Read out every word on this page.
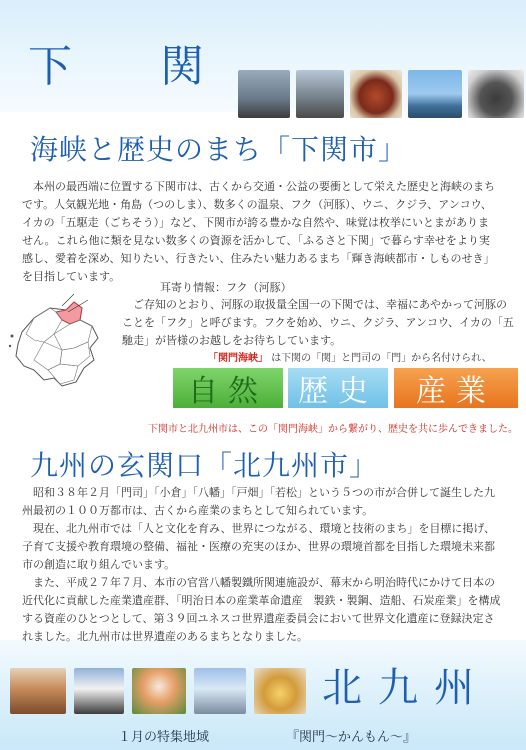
下　関
海峡と歴史のまち「下関市」

本州の最西端に位置する下関市は、古くから交通・公益の要衝として栄えた歴史と海峡のまち

です。人気観光地・角島（つのしま）、数多くの温泉、フク（河豚）、ウニ、クジラ、アンコウ、
イカの「五駆走（ごちそう）」など、下関市が誇る豊かな自然や、味覚は枚挙にいとまがありま
せん。これら他に類を見ない数多くの資源を活かして、「ふるさと下関」で暮らす幸せをより実
感し、愛着を深め、知りたい、行きたい、住みたい魅力あるまち「輝き海峡都市・しものせき」
を目指しています。
耳寄り情報：フク（河豚）
ご存知のとおり、河豚の取扱量全国一の下関では、幸福にあやかって河豚の
ことを「フク」と呼びます。フクを始め、ウニ、クジラ、アンコウ、イカの「五
馳走」が皆様のお越しをお待ちしています。
「関門海峡」 は下関の「関」と門司の「門」から名付けられ、
自然	歴史	産業
下関市と北九州市は、この「関門海峡」から繋がり、歴史を共に歩んできました。
九州の玄関口「北九州市」

昭和３８年２月「門司」「小倉」「八幡」「戸畑」「若松」という５つの市が合併して誕生した九

州最初の１００万都市は、古くから産業のまちとして知られています。

現在、北九州市では「人と文化を育み、世界につながる、環境と技術のまち」を目標に掲げ、

子育て支援や教育環境の整備、福祉・医療の充実のほか、世界の環境首都を目指した環境未来都
市の創造に取り組んでいます。

また、平成２７年７月、本市の官営八幡製鐵所関連施設が、幕末から明治時代にかけて日本の

近代化に貢献した産業遺産群、「明治日本の産業革命遺産　製鉄・製鋼、造船、石炭産業」を構成
する資産のひとつとして、第３９回ユネスコ世界遺産委員会において世界文化遺産に登録決定さ
れました。北九州市は世界遺産のあるまちとなりました。
北九州
１月の特集地域	『関門～かんもん～』
